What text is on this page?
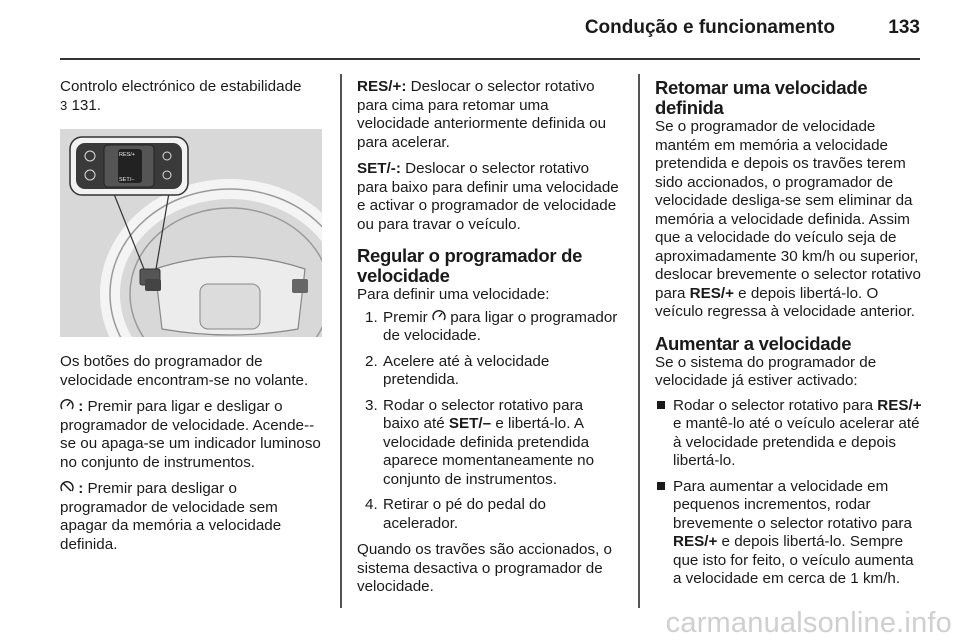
Condução e funcionamento	133

Controlo electrónico de estabilidade
3 131.

RES/+
SET/–

Os botões do programador de velocidade encontram-se no volante.

: Premir para ligar e desligar o programador de velocidade. Acende--se ou apaga-se um indicador luminoso no conjunto de instrumentos.

: Premir para desligar o programador de velocidade sem apagar da memória a velocidade definida.

RES/+: Deslocar o selector rotativo para cima para retomar uma velocidade anteriormente definida ou para acelerar.

SET/-: Deslocar o selector rotativo para baixo para definir uma velocidade e activar o programador de velocidade ou para travar o veículo.

Regular o programador de velocidade

Para definir uma velocidade:

1. Premir  para ligar o programador de velocidade.
2. Acelere até à velocidade pretendida.
3. Rodar o selector rotativo para baixo até SET/– e libertá-lo. A velocidade definida pretendida aparece momentaneamente no conjunto de instrumentos.
4. Retirar o pé do pedal do acelerador.

Quando os travões são accionados, o sistema desactiva o programador de velocidade.

Retomar uma velocidade definida

Se o programador de velocidade mantém em memória a velocidade pretendida e depois os travões terem sido accionados, o programador de velocidade desliga-se sem eliminar da memória a velocidade definida. Assim que a velocidade do veículo seja de aproximadamente 30 km/h ou superior, deslocar brevemente o selector rotativo para RES/+ e depois libertá-lo. O veículo regressa à velocidade anterior.

Aumentar a velocidade

Se o sistema do programador de velocidade já estiver activado:

Rodar o selector rotativo para RES/+ e mantê-lo até o veículo acelerar até à velocidade pretendida e depois libertá-lo.
Para aumentar a velocidade em pequenos incrementos, rodar brevemente o selector rotativo para RES/+ e depois libertá-lo. Sempre que isto for feito, o veículo aumenta a velocidade em cerca de 1 km/h.
carmanualsonline.info
